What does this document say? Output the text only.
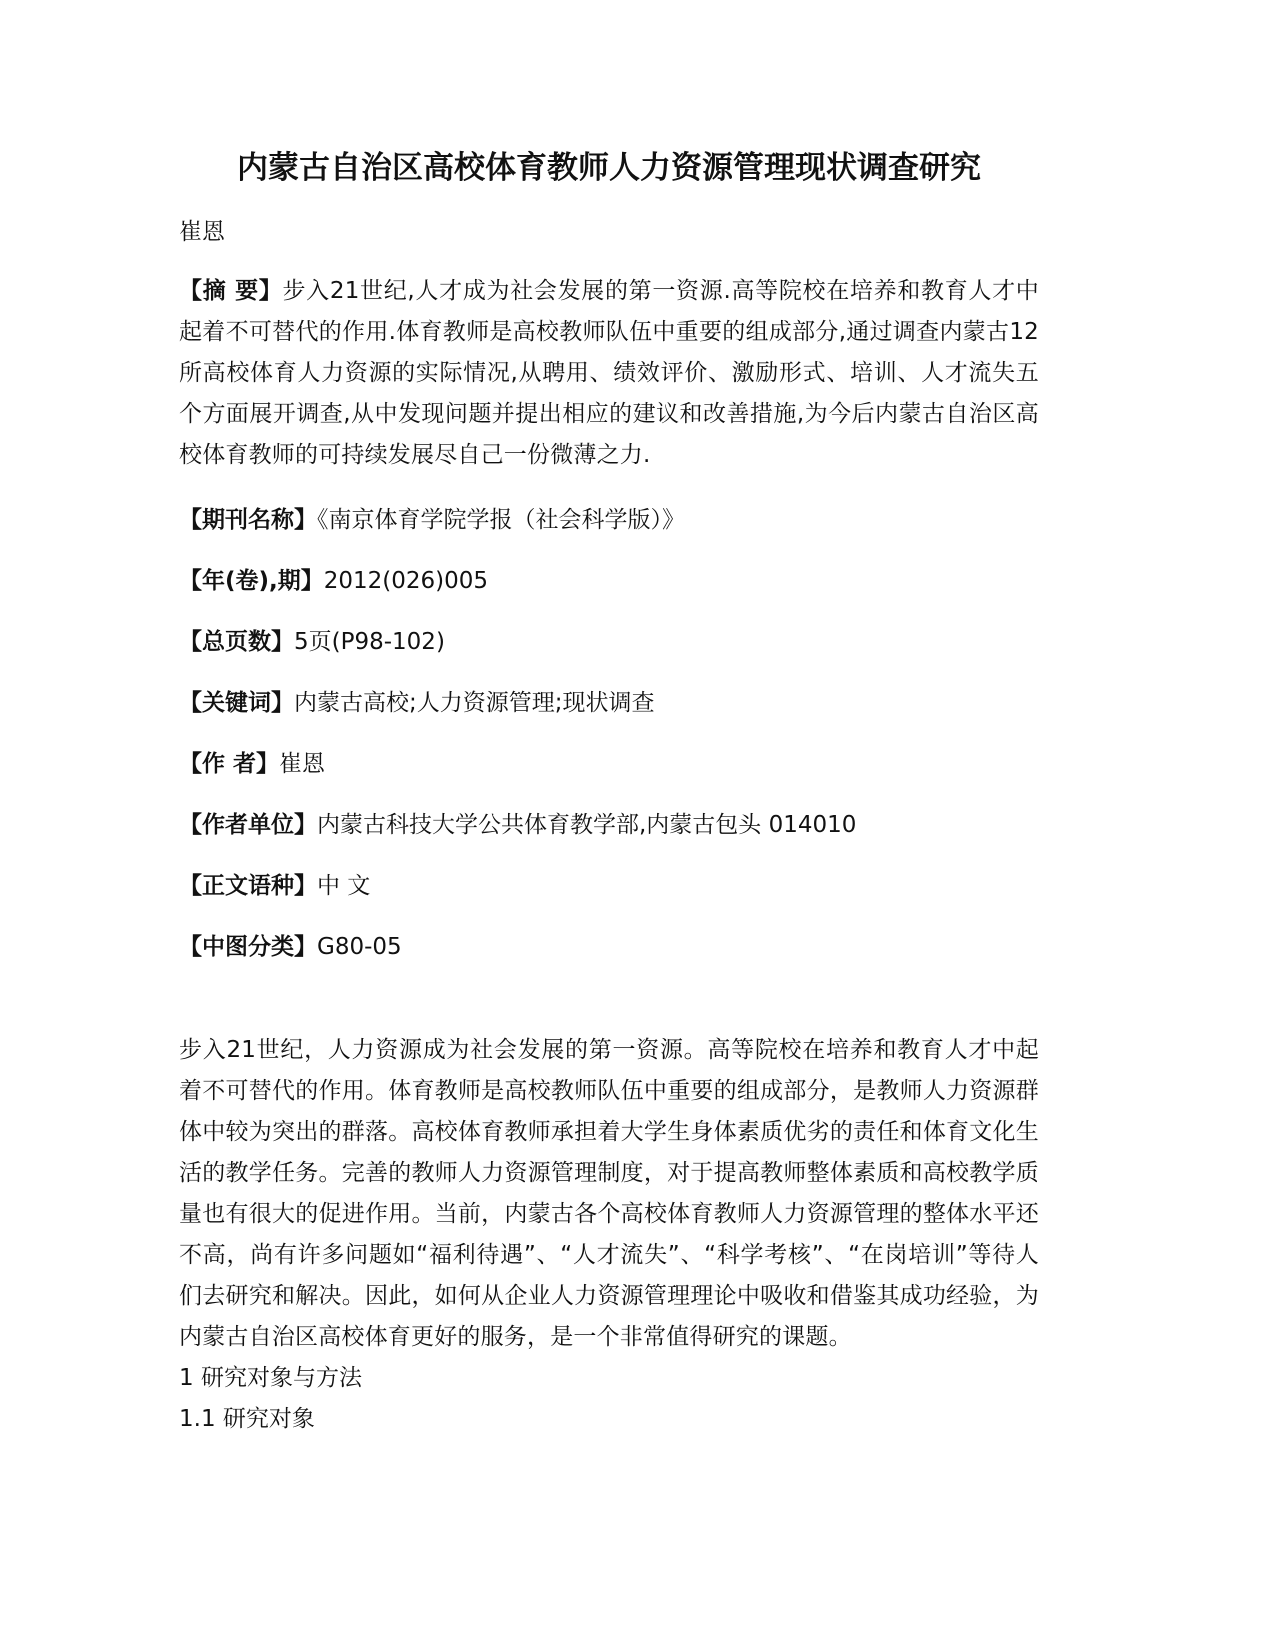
内蒙古自治区高校体育教师人力资源管理现状调查研究
崔恩
【摘 要】步入21世纪,人才成为社会发展的第一资源.高等院校在培养和教育人才中起着不可替代的作用.体育教师是高校教师队伍中重要的组成部分,通过调查内蒙古12所高校体育人力资源的实际情况,从聘用、绩效评价、激励形式、培训、人才流失五个方面展开调查,从中发现问题并提出相应的建议和改善措施,为今后内蒙古自治区高校体育教师的可持续发展尽自己一份微薄之力.
【期刊名称】《南京体育学院学报（社会科学版）》
【年(卷),期】2012(026)005
【总页数】5页(P98-102)
【关键词】内蒙古高校;人力资源管理;现状调查
【作 者】崔恩
【作者单位】内蒙古科技大学公共体育教学部,内蒙古包头 014010
【正文语种】中 文
【中图分类】G80-05
步入21世纪，人力资源成为社会发展的第一资源。高等院校在培养和教育人才中起着不可替代的作用。体育教师是高校教师队伍中重要的组成部分，是教师人力资源群体中较为突出的群落。高校体育教师承担着大学生身体素质优劣的责任和体育文化生活的教学任务。完善的教师人力资源管理制度，对于提高教师整体素质和高校教学质量也有很大的促进作用。当前，内蒙古各个高校体育教师人力资源管理的整体水平还不高，尚有许多问题如“福利待遇”、“人才流失”、“科学考核”、“在岗培训”等待人们去研究和解决。因此，如何从企业人力资源管理理论中吸收和借鉴其成功经验，为内蒙古自治区高校体育更好的服务，是一个非常值得研究的课题。
1 研究对象与方法
1.1 研究对象
